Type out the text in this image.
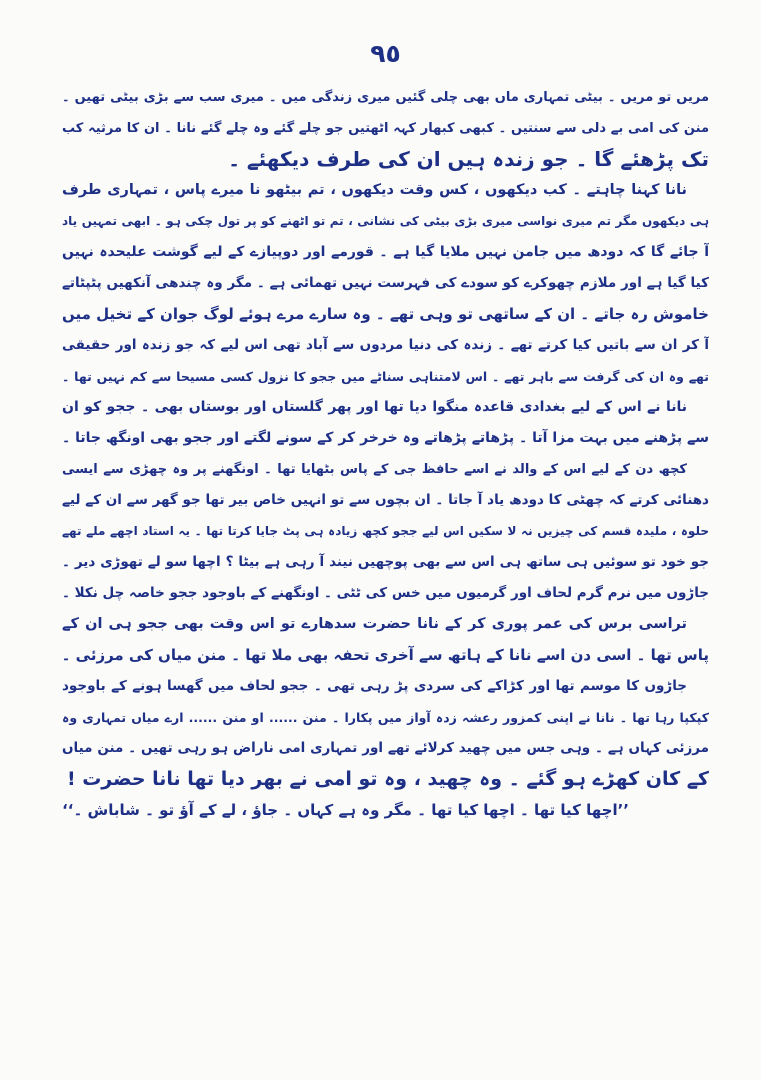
٩٥
مریں تو مریں ۔ بیٹی تمہاری ماں بھی چلی گئیں میری زندگی میں ۔ میری سب سے بڑی بیٹی تھیں ۔
منن کی امی بے دلی سے سنتیں ۔ کبھی کبھار کہہ اٹھتیں جو چلے گئے وہ چلے گئے نانا ۔ ان کا مرثیہ کب
تک پڑھئے گا ۔ جو زندہ ہیں ان کی طرف دیکھئے ۔
نانا کہنا چاہتے ۔ کب دیکھوں ، کس وقت دیکھوں ، تم بیٹھو نا میرے پاس ، تمہاری طرف
ہی دیکھوں مگر تم میری نواسی میری بڑی بیٹی کی نشانی ، تم تو اٹھنے کو پر تول چکی ہو ۔ ابھی تمہیں یاد
آ جائے گا کہ دودھ میں جامن نہیں ملایا گیا ہے ۔ قورمے اور دوپیازے کے لیے گوشت علیحدہ نہیں
کیا گیا ہے اور ملازم چھوکرے کو سودے کی فہرست نہیں تھمائی ہے ۔ مگر وہ چندھی آنکھیں پٹپٹاتے
خاموش رہ جاتے ۔ ان کے ساتھی تو وہی تھے ۔ وہ سارے مرے ہوئے لوگ جوان کے تخیل میں
آ کر ان سے باتیں کیا کرتے تھے ۔ زندہ کی دنیا مردوں سے آباد تھی اس لیے کہ جو زندہ اور حقیقی
تھے وہ ان کی گرفت سے باہر تھے ۔ اس لامتناہی سناٹے میں ججو کا نزول کسی مسیحا سے کم نہیں تھا ۔
نانا نے اس کے لیے بغدادی قاعدہ منگوا دیا تھا اور پھر گلستاں اور بوستاں بھی ۔ ججو کو ان
سے پڑھنے میں بہت مزا آتا ۔ پڑھاتے پڑھاتے وہ خرخر کر کے سونے لگتے اور ججو بھی اونگھ جاتا ۔
کچھ دن کے لیے اس کے والد نے اسے حافظ جی کے پاس بٹھایا تھا ۔ اونگھنے پر وہ چھڑی سے ایسی
دھنائی کرتے کہ چھٹی کا دودھ یاد آ جاتا ۔ ان بچوں سے تو انہیں خاص بیر تھا جو گھر سے ان کے لیے
حلوہ ، ملیدہ قسم کی چیزیں نہ لا سکیں اس لیے ججو کچھ زیادہ ہی پٹ جایا کرتا تھا ۔ یہ استاد اچھے ملے تھے
جو خود تو سوئیں ہی ساتھ ہی اس سے بھی پوچھیں نیند آ رہی ہے بیٹا ؟ اچھا سو لے تھوڑی دیر ۔
جاڑوں میں نرم گرم لحاف اور گرمیوں میں خس کی ٹٹی ۔ اونگھنے کے باوجود ججو خاصہ چل نکلا ۔
تراسی برس کی عمر پوری کر کے نانا حضرت سدھارے تو اس وقت بھی ججو ہی ان کے
پاس تھا ۔ اسی دن اسے نانا کے ہاتھ سے آخری تحفہ بھی ملا تھا ۔ منن میاں کی مرزئی ۔
جاڑوں کا موسم تھا اور کڑاکے کی سردی پڑ رہی تھی ۔ ججو لحاف میں گھسا ہونے کے باوجود
کپکپا رہا تھا ۔ نانا نے اپنی کمزور رعشہ زدہ آواز میں پکارا ۔ منن ...... او منن ...... ارے میاں تمہاری وہ
مرزئی کہاں ہے ۔ وہی جس میں چھید کرلائے تھے اور تمہاری امی ناراض ہو رہی تھیں ۔ منن میاں
کے کان کھڑے ہو گئے ۔ وہ چھید ، وہ تو امی نے بھر دیا تھا نانا حضرت !
’’اچھا کیا تھا ۔ اچھا کیا تھا ۔ مگر وہ ہے کہاں ۔ جاؤ ، لے کے آؤ تو ۔ شاباش ۔‘‘
